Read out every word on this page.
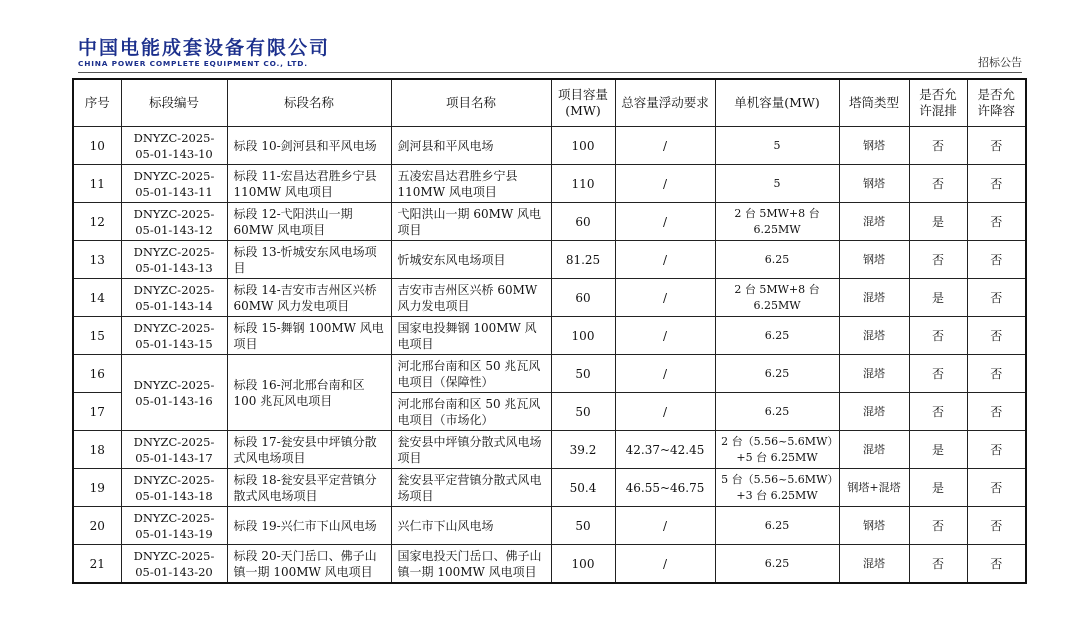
中国电能成套设备有限公司
CHINA POWER COMPLETE EQUIPMENT CO., LTD.	招标公告
序号	标段编号	标段名称	项目名称	项目容量(MW)	总容量浮动要求	单机容量(MW)	塔筒类型	是否允许混排	是否允许降容
10	DNYZC-2025-05-01-143-10	标段 10-剑河县和平风电场	剑河县和平风电场	100	/	5	钢塔	否	否
11	DNYZC-2025-05-01-143-11	标段 11-宏昌达君胜乡宁县 110MW 风电项目	五凌宏昌达君胜乡宁县 110MW 风电项目	110	/	5	钢塔	否	否
12	DNYZC-2025-05-01-143-12	标段 12-弋阳洪山一期 60MW 风电项目	弋阳洪山一期 60MW 风电项目	60	/	2 台 5MW+8 台 6.25MW	混塔	是	否
13	DNYZC-2025-05-01-143-13	标段 13-忻城安东风电场项目	忻城安东风电场项目	81.25	/	6.25	钢塔	否	否
14	DNYZC-2025-05-01-143-14	标段 14-吉安市吉州区兴桥 60MW 风力发电项目	吉安市吉州区兴桥 60MW 风力发电项目	60	/	2 台 5MW+8 台 6.25MW	混塔	是	否
15	DNYZC-2025-05-01-143-15	标段 15-舞钢 100MW 风电项目	国家电投舞钢 100MW 风电项目	100	/	6.25	混塔	否	否
16	DNYZC-2025-05-01-143-16	标段 16-河北邢台南和区 100 兆瓦风电项目	河北邢台南和区 50 兆瓦风电项目（保障性）	50	/	6.25	混塔	否	否
17			河北邢台南和区 50 兆瓦风电项目（市场化）	50	/	6.25	混塔	否	否
18	DNYZC-2025-05-01-143-17	标段 17-瓮安县中坪镇分散式风电场项目	瓮安县中坪镇分散式风电场项目	39.2	42.37~42.45	2 台（5.56~5.6MW）+5 台 6.25MW	混塔	是	否
19	DNYZC-2025-05-01-143-18	标段 18-瓮安县平定营镇分散式风电场项目	瓮安县平定营镇分散式风电场项目	50.4	46.55~46.75	5 台（5.56~5.6MW）+3 台 6.25MW	钢塔+混塔	是	否
20	DNYZC-2025-05-01-143-19	标段 19-兴仁市下山风电场	兴仁市下山风电场	50	/	6.25	钢塔	否	否
21	DNYZC-2025-05-01-143-20	标段 20-天门岳口、佛子山镇一期 100MW 风电项目	国家电投天门岳口、佛子山镇一期 100MW 风电项目	100	/	6.25	混塔	否	否
